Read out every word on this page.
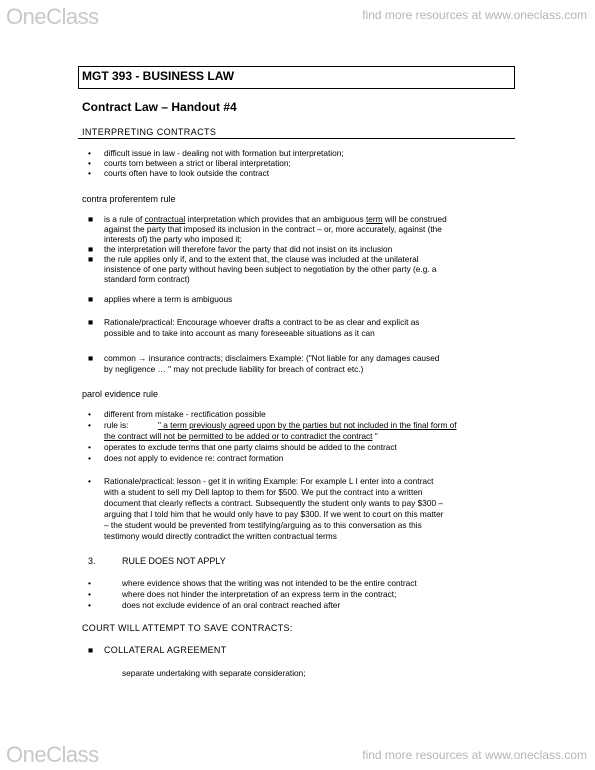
OneClass	find more resources at www.oneclass.com
MGT 393 - BUSINESS LAW
Contract Law – Handout #4
INTERPRETING CONTRACTS
• difficult issue in law - dealing not with formation but interpretation;
• courts torn between a strict or liberal interpretation;
• courts often have to look outside the contract
contra proferentem rule
■ is a rule of contractual interpretation which provides that an ambiguous term will be construed
against the party that imposed its inclusion in the contract – or, more accurately, against (the
interests of) the party who imposed it;
■ the interpretation will therefore favor the party that did not insist on its inclusion
■ the rule applies only if, and to the extent that, the clause was included at the unilateral
insistence of one party without having been subject to negotiation by the other party (e.g. a
standard form contract)
■ applies where a term is ambiguous
■ Rationale/practical: Encourage whoever drafts a contract to be as clear and explicit as
possible and to take into account as many foreseeable situations as it can
■ common → insurance contracts; disclaimers Example: ("Not liable for any damages caused
by negligence … " may not preclude liability for breach of contract etc.)
parol evidence rule
• different from mistake - rectification possible
• rule is:	" a term previously agreed upon by the parties but not included in the final form of
the contract will not be permitted to be added or to contradict the contract "
• operates to exclude terms that one party claims should be added to the contract
• does not apply to evidence re: contract formation
• Rationale/practical: lesson - get it in writing Example: For example L I enter into a contract
with a student to sell my Dell laptop to them for $500. We put the contract into a written
document that clearly reflects a contract. Subsequently the student only wants to pay $300 –
arguing that I told him that he would only have to pay $300. If we went to court on this matter
– the student would be prevented from testifying/arguing as to this conversation as this
testimony would directly contradict the written contractual terms
3.	RULE DOES NOT APPLY
•	where evidence shows that the writing was not intended to be the entire contract
•	where does not hinder the interpretation of an express term in the contract;
•	does not exclude evidence of an oral contract reached after
COURT WILL ATTEMPT TO SAVE CONTRACTS:
■ COLLATERAL AGREEMENT
separate undertaking with separate consideration;
OneClass	find more resources at www.oneclass.com
